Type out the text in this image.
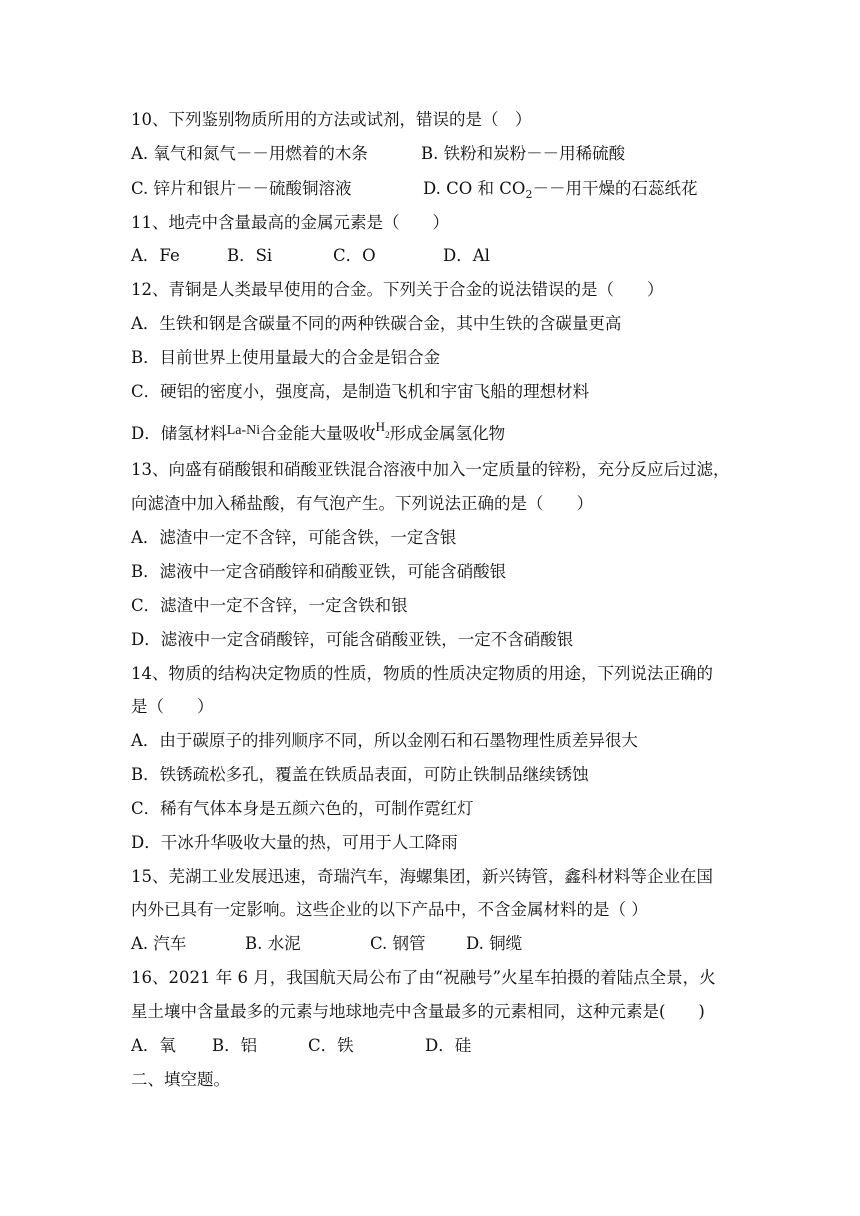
10、下列鉴别物质所用的方法或试剂，错误的是（　）
A. 氧气和氮气－－用燃着的木条	B. 铁粉和炭粉－－用稀硫酸
C. 锌片和银片－－硫酸铜溶液	D. CO 和 $CO_2--$用干燥的石蕊纸花
11、地壳中含量最高的金属元素是（　　）
A．Fe	B．Si	C．O	D．Al
12、青铜是人类最早使用的合金。下列关于合金的说法错误的是（　　）
A．生铁和钢是含碳量不同的两种铁碳合金，其中生铁的含碳量更高
B．目前世界上使用量最大的合金是铝合金
C．硬铝的密度小，强度高，是制造飞机和宇宙飞船的理想材料
D．储氢材料$^{La-Ni}$合金能大量吸收$^{H_2}$形成金属氢化物
13、向盛有硝酸银和硝酸亚铁混合溶液中加入一定质量的锌粉，充分反应后过滤，
向滤渣中加入稀盐酸，有气泡产生。下列说法正确的是（　　）
A．滤渣中一定不含锌，可能含铁，一定含银
B．滤液中一定含硝酸锌和硝酸亚铁，可能含硝酸银
C．滤渣中一定不含锌，一定含铁和银
D．滤液中一定含硝酸锌，可能含硝酸亚铁，一定不含硝酸银
14、物质的结构决定物质的性质，物质的性质决定物质的用途，下列说法正确的
是（　　）
A．由于碳原子的排列顺序不同，所以金刚石和石墨物理性质差异很大
B．铁锈疏松多孔，覆盖在铁质品表面，可防止铁制品继续锈蚀
C．稀有气体本身是五颜六色的，可制作霓红灯
D．干冰升华吸收大量的热，可用于人工降雨
15、芜湖工业发展迅速，奇瑞汽车，海螺集团，新兴铸管，鑫科材料等企业在国
内外已具有一定影响。这些企业的以下产品中，不含金属材料的是（ ）
A. 汽车	B. 水泥	C. 钢管 D. 铜缆
16、2021 年 6 月，我国航天局公布了由“祝融号”火星车拍摄的着陆点全景，火
星土壤中含量最多的元素与地球地壳中含量最多的元素相同，这种元素是(　　)
A．氧 B．铝	C．铁	D．硅
二、填空题。
